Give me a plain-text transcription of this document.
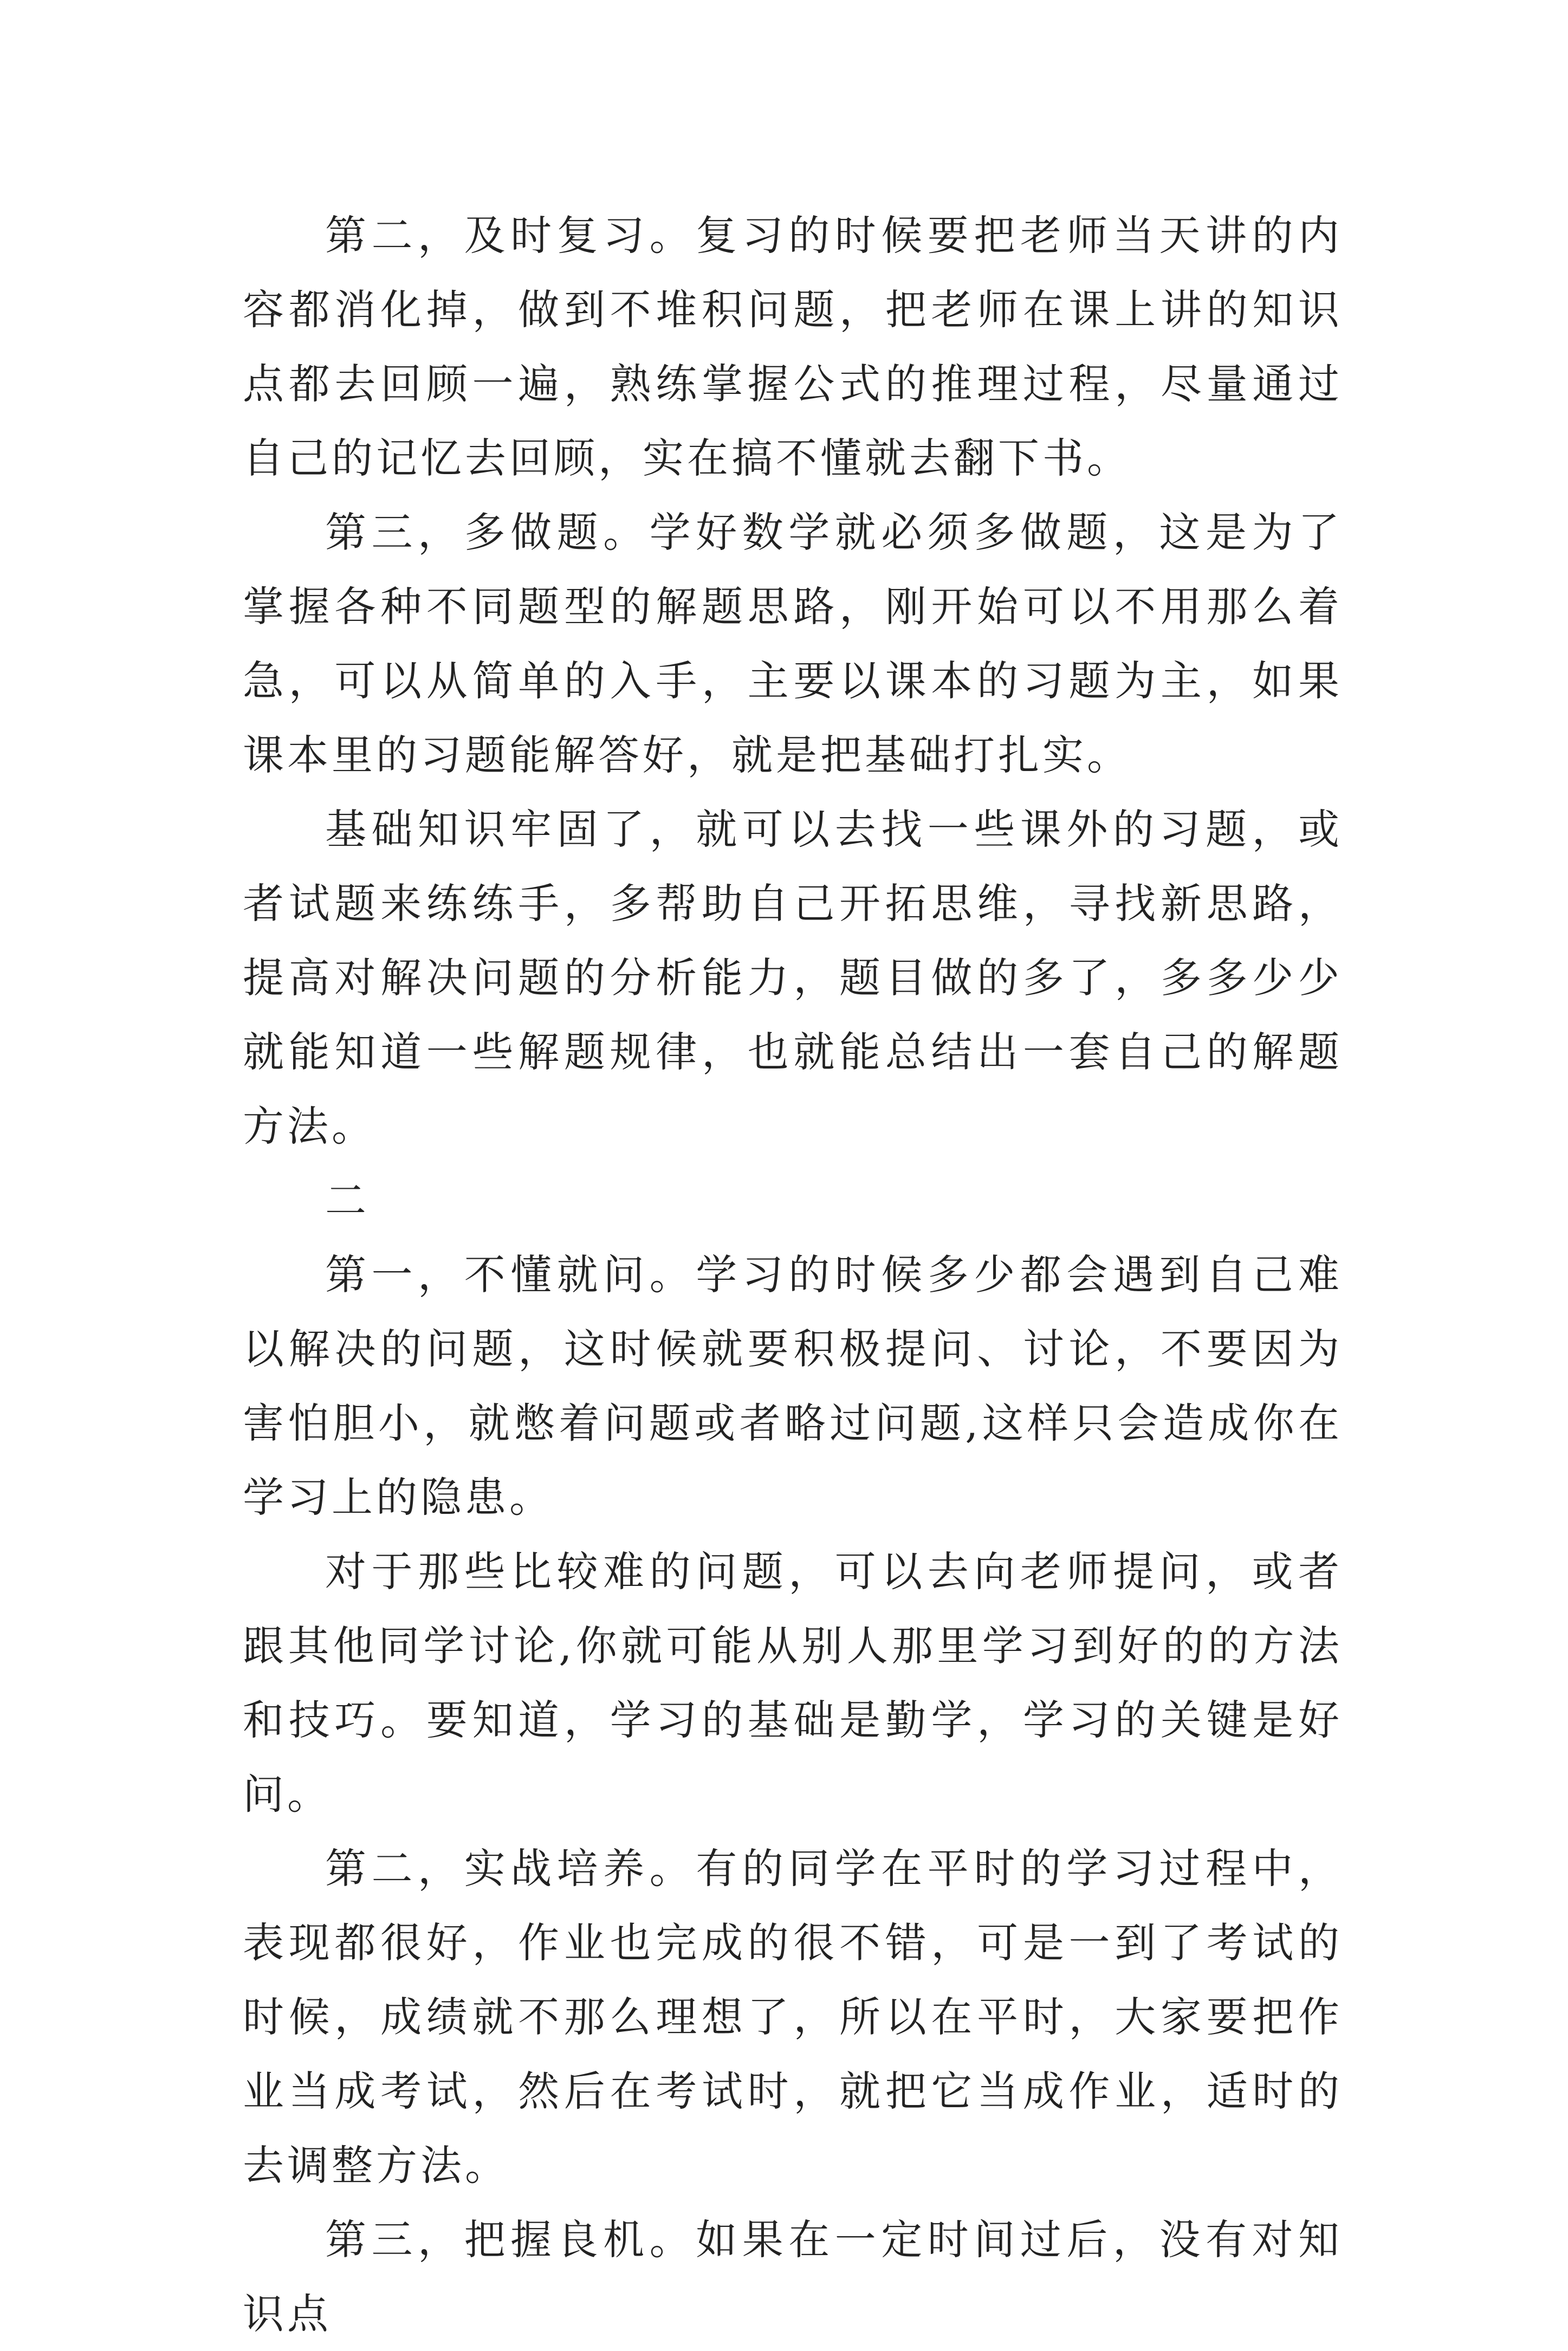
第二，及时复习。复习的时候要把老师当天讲的内容都消化掉，做到不堆积问题，把老师在课上讲的知识点都去回顾一遍，熟练掌握公式的推理过程，尽量通过自己的记忆去回顾，实在搞不懂就去翻下书。

第三，多做题。学好数学就必须多做题，这是为了掌握各种不同题型的解题思路，刚开始可以不用那么着急，可以从简单的入手，主要以课本的习题为主，如果课本里的习题能解答好，就是把基础打扎实。

基础知识牢固了，就可以去找一些课外的习题，或者试题来练练手，多帮助自己开拓思维，寻找新思路，提高对解决问题的分析能力，题目做的多了，多多少少就能知道一些解题规律，也就能总结出一套自己的解题方法。

二

第一，不懂就问。学习的时候多少都会遇到自己难以解决的问题，这时候就要积极提问、讨论，不要因为害怕胆小，就憋着问题或者略过问题,这样只会造成你在学习上的隐患。

对于那些比较难的问题，可以去向老师提问，或者跟其他同学讨论,你就可能从别人那里学习到好的的方法和技巧。要知道，学习的基础是勤学，学习的关键是好问。

第二，实战培养。有的同学在平时的学习过程中，表现都很好，作业也完成的很不错，可是一到了考试的时候，成绩就不那么理想了，所以在平时，大家要把作业当成考试，然后在考试时，就把它当成作业，适时的去调整方法。

第三，把握良机。如果在一定时间过后，没有对知识点
